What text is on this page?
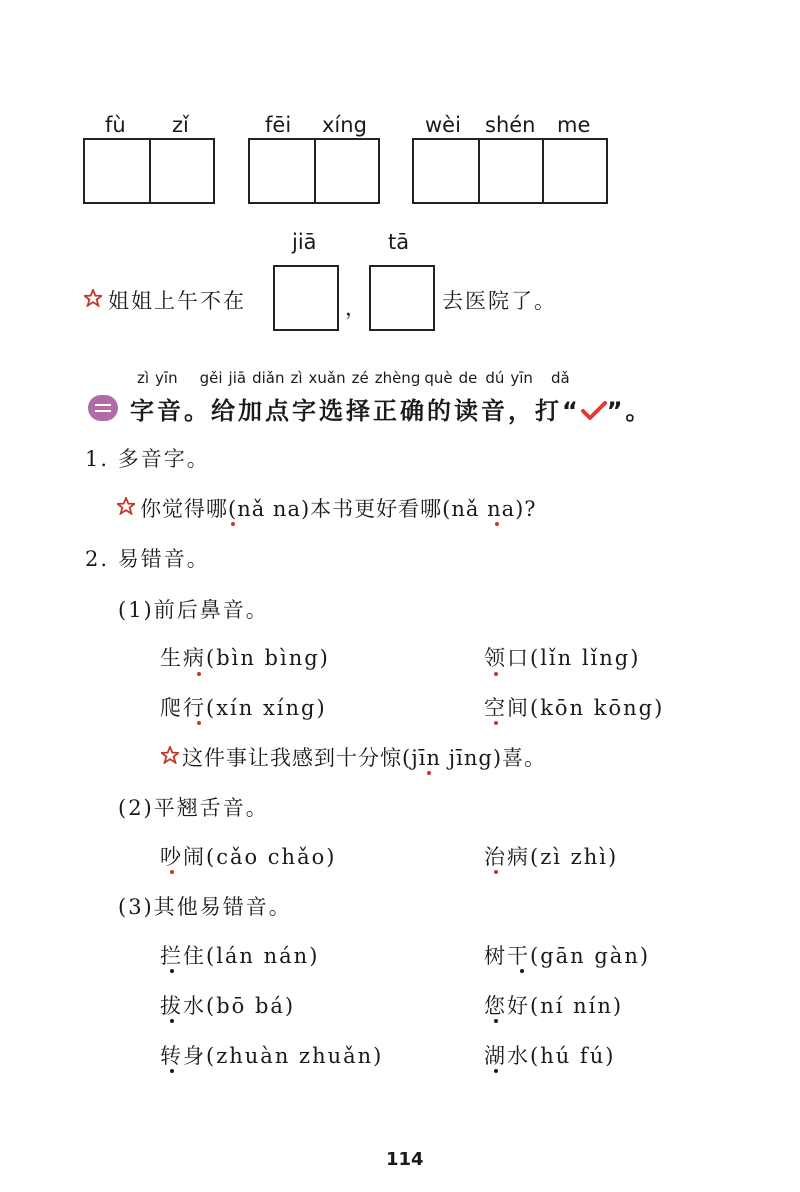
fù zǐ	fēi xíng	wèi shén me
jiā	tā
姐姐上午不在	，	去医院了。
zì yīn gěi jiā diǎn zì xuǎn zé zhèng què de dú yīn dǎ
字音。给加点字选择正确的读音，打“ ”。
1. 多音字。
你觉得哪(nǎ na)本书更好看哪(nǎ na)?
2. 易错音。
(1)前后鼻音。
生病(bìn bìng)	领口(lǐn lǐng)
爬行(xín xíng)	空间(kōn kōng)
这件事让我感到十分惊(jīn jīng)喜。
(2)平翘舌音。
吵闹(cǎo chǎo)	治病(zì zhì)
(3)其他易错音。
拦住(lán nán)	树干(gān gàn)
拔水(bō bá)	您好(ní nín)
转身(zhuàn zhuǎn)	湖水(hú fú)
114
